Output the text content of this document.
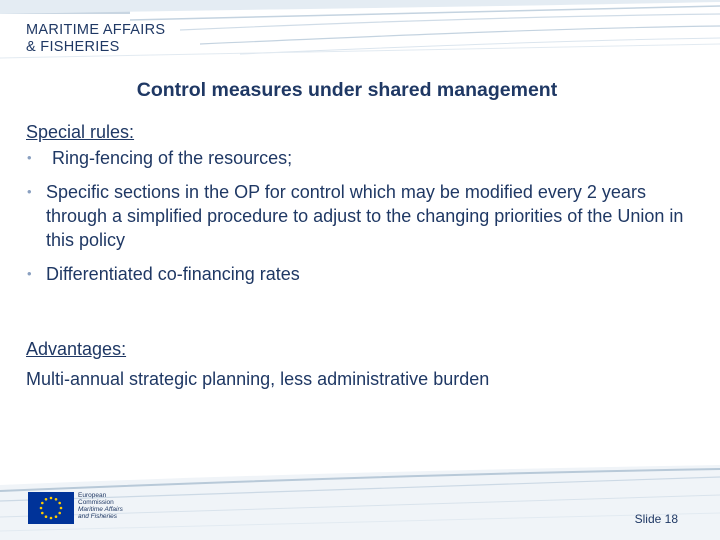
MARITIME AFFAIRS
& FISHERIES
Control measures under shared management
Special rules:
• Ring-fencing of the resources;
• Specific sections in the OP for control which may be modified every 2 years through a simplified procedure to adjust to the changing priorities of the Union in this policy
• Differentiated co-financing rates
Advantages:
Multi-annual strategic planning, less administrative burden
European
Commission
Maritime Affairs
and Fisheries	Slide 18
